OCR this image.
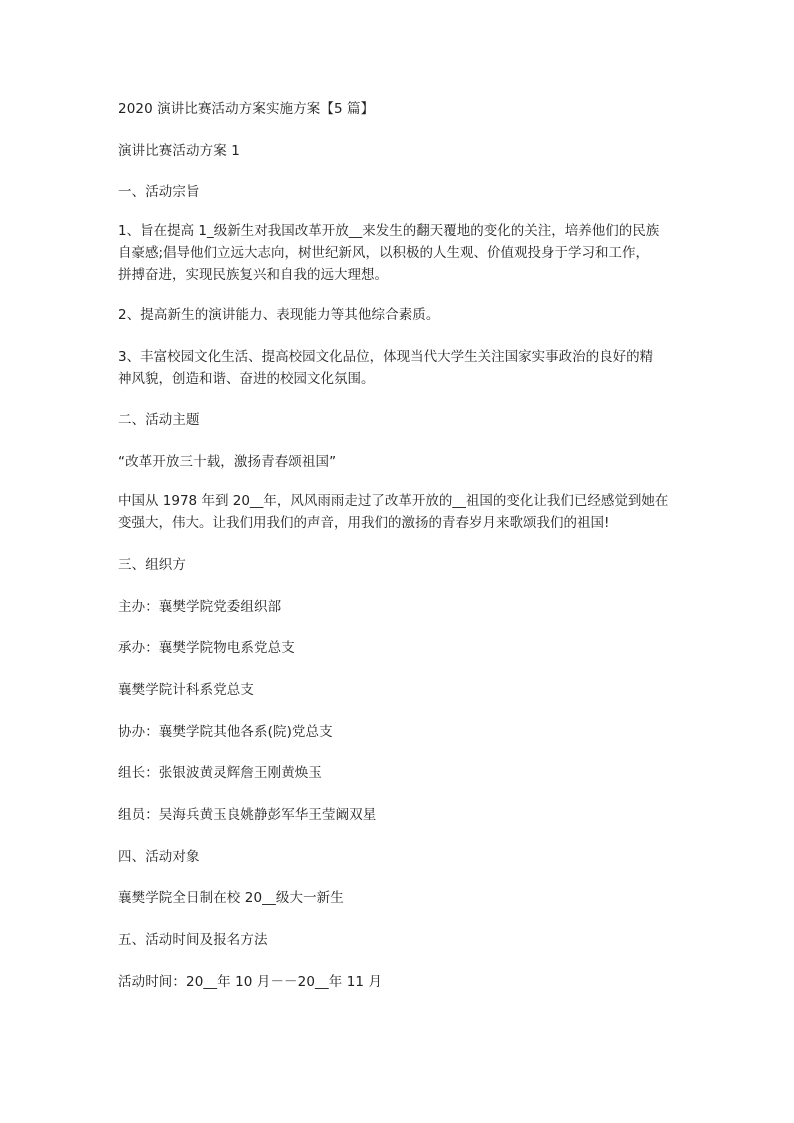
2020 演讲比赛活动方案实施方案【5 篇】
演讲比赛活动方案 1
一、活动宗旨
1、旨在提高 1_级新生对我国改革开放__来发生的翻天覆地的变化的关注，培养他们的民族
自豪感;倡导他们立远大志向，树世纪新风，以积极的人生观、价值观投身于学习和工作，
拼搏奋进，实现民族复兴和自我的远大理想。
2、提高新生的演讲能力、表现能力等其他综合素质。
3、丰富校园文化生活、提高校园文化品位，体现当代大学生关注国家实事政治的良好的精
神风貌，创造和谐、奋进的校园文化氛围。
二、活动主题
“改革开放三十载，激扬青春颂祖国”
中国从 1978 年到 20__年，风风雨雨走过了改革开放的__祖国的变化让我们已经感觉到她在
变强大，伟大。让我们用我们的声音，用我们的激扬的青春岁月来歌颂我们的祖国!
三、组织方
主办：襄樊学院党委组织部
承办：襄樊学院物电系党总支
襄樊学院计科系党总支
协办：襄樊学院其他各系(院)党总支
组长：张银波黄灵辉詹王刚黄焕玉
组员：吴海兵黄玉良姚静彭军华王莹阚双星
四、活动对象
襄樊学院全日制在校 20__级大一新生
五、活动时间及报名方法
活动时间：20__年 10 月－－20__年 11 月
